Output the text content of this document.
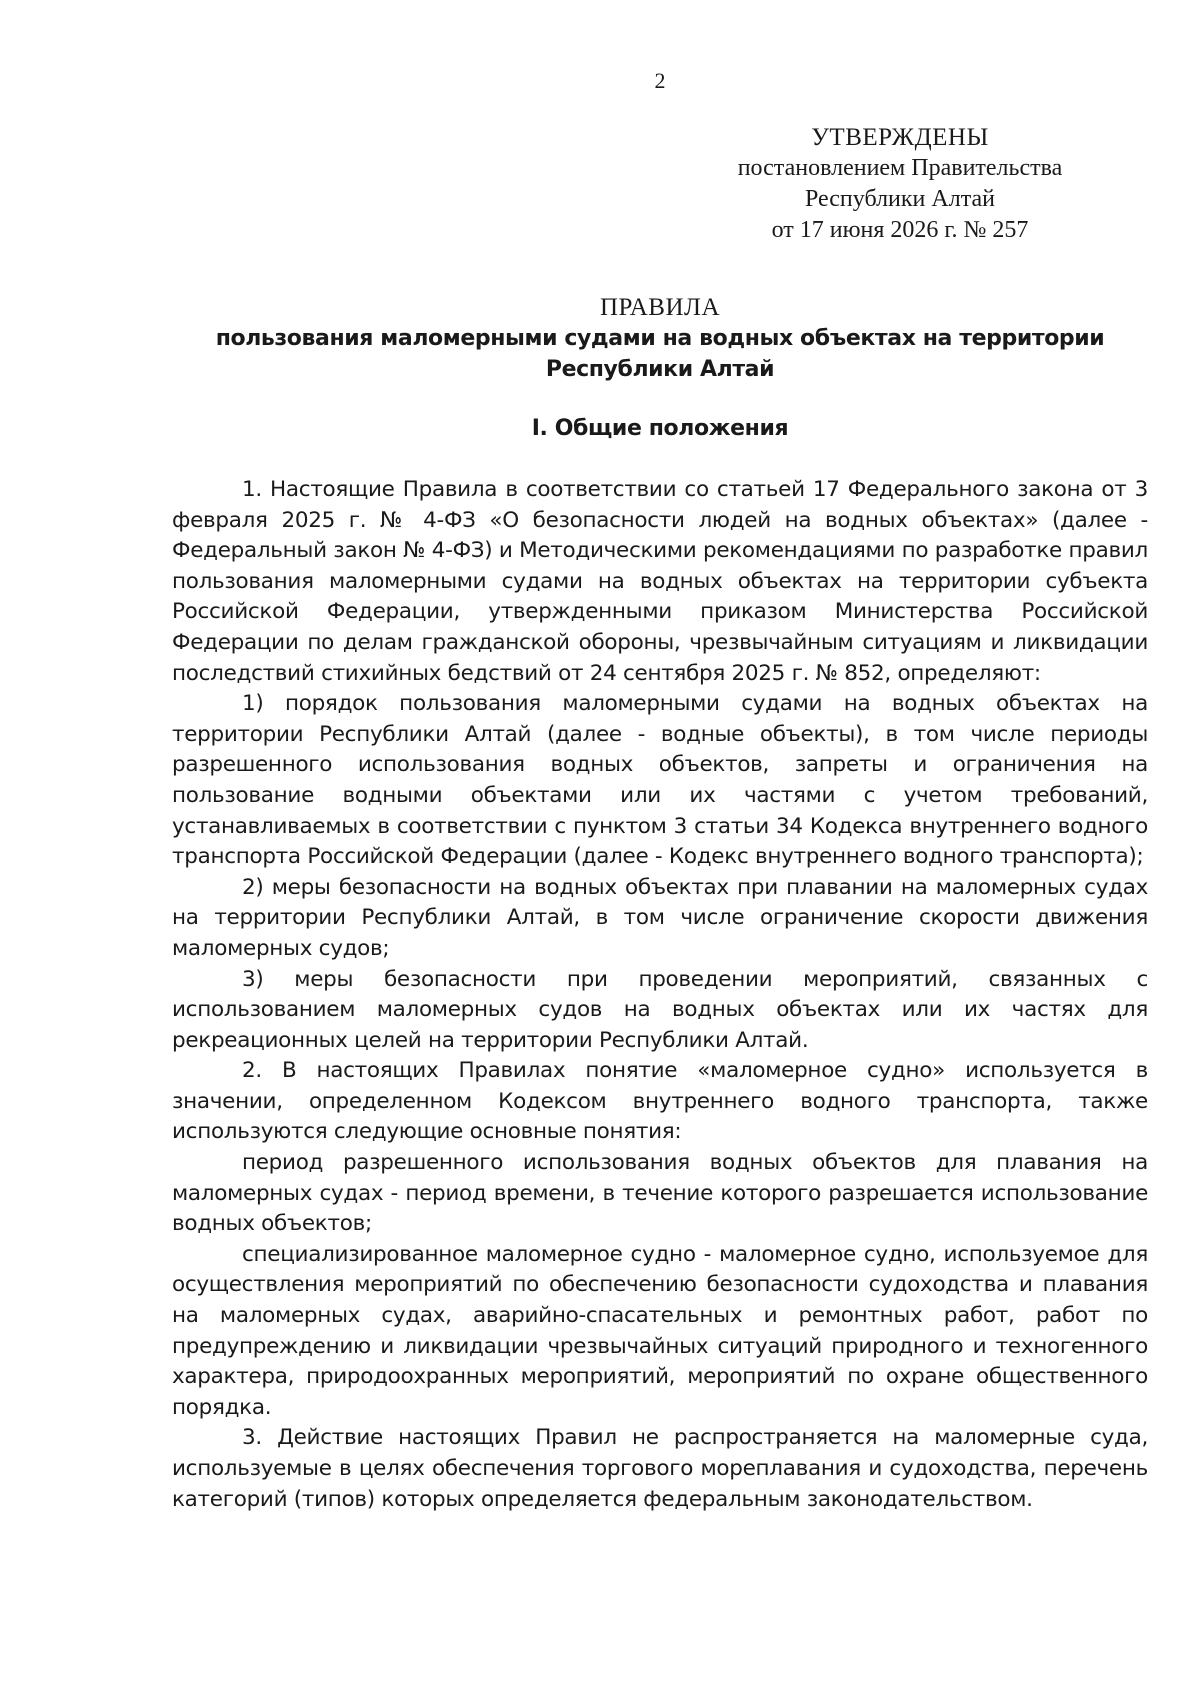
2
УТВЕРЖДЕНЫ
постановлением Правительства
Республики Алтай
от 17 июня 2026 г. № 257
ПРАВИЛА
пользования маломерными судами на водных объектах на территории Республики Алтай
I. Общие положения

1. Настоящие Правила в соответствии со статьей 17 Федерального закона от 3 февраля 2025 г. № 4-ФЗ «О безопасности людей на водных объектах» (далее - Федеральный закон № 4-ФЗ) и Методическими рекомендациями по разработке правил пользования маломерными судами на водных объектах на территории субъекта Российской Федерации, утвержденными приказом Министерства Российской Федерации по делам гражданской обороны, чрезвычайным ситуациям и ликвидации последствий стихийных бедствий от 24 сентября 2025 г. № 852, определяют:

1) порядок пользования маломерными судами на водных объектах на территории Республики Алтай (далее - водные объекты), в том числе периоды разрешенного использования водных объектов, запреты и ограничения на пользование водными объектами или их частями с учетом требований, устанавливаемых в соответствии с пунктом 3 статьи 34 Кодекса внутреннего водного транспорта Российской Федерации (далее - Кодекс внутреннего водного транспорта);

2) меры безопасности на водных объектах при плавании на маломерных судах на территории Республики Алтай, в том числе ограничение скорости движения маломерных судов;

3) меры безопасности при проведении мероприятий, связанных с использованием маломерных судов на водных объектах или их частях для рекреационных целей на территории Республики Алтай.

2. В настоящих Правилах понятие «маломерное судно» используется в значении, определенном Кодексом внутреннего водного транспорта, также используются следующие основные понятия:

период разрешенного использования водных объектов для плавания на маломерных судах - период времени, в течение которого разрешается использование водных объектов;

специализированное маломерное судно - маломерное судно, используемое для осуществления мероприятий по обеспечению безопасности судоходства и плавания на маломерных судах, аварийно-спасательных и ремонтных работ, работ по предупреждению и ликвидации чрезвычайных ситуаций природного и техногенного характера, природоохранных мероприятий, мероприятий по охране общественного порядка.

3. Действие настоящих Правил не распространяется на маломерные суда, используемые в целях обеспечения торгового мореплавания и судоходства, перечень категорий (типов) которых определяется федеральным законодательством.
